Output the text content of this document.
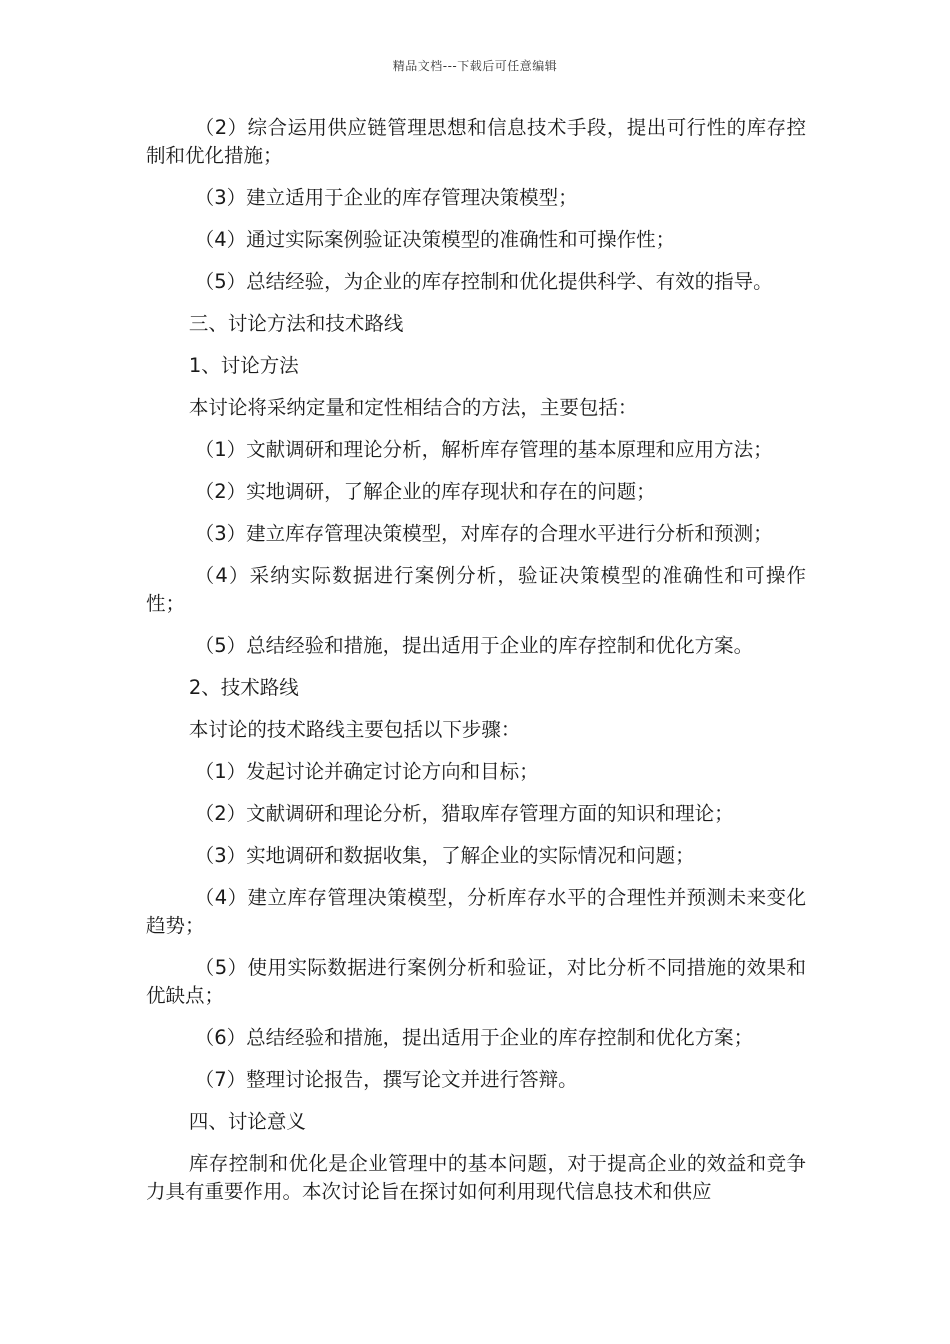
精品文档---下载后可任意编辑

（2）综合运用供应链管理思想和信息技术手段，提出可行性的库存控制和优化措施；

（3）建立适用于企业的库存管理决策模型；

（4）通过实际案例验证决策模型的准确性和可操作性；

（5）总结经验，为企业的库存控制和优化提供科学、有效的指导。

三、讨论方法和技术路线

1、讨论方法

本讨论将采纳定量和定性相结合的方法，主要包括：

（1）文献调研和理论分析，解析库存管理的基本原理和应用方法；

（2）实地调研，了解企业的库存现状和存在的问题；

（3）建立库存管理决策模型，对库存的合理水平进行分析和预测；

（4）采纳实际数据进行案例分析，验证决策模型的准确性和可操作性；

（5）总结经验和措施，提出适用于企业的库存控制和优化方案。

2、技术路线

本讨论的技术路线主要包括以下步骤：

（1）发起讨论并确定讨论方向和目标；

（2）文献调研和理论分析，猎取库存管理方面的知识和理论；

（3）实地调研和数据收集，了解企业的实际情况和问题；

（4）建立库存管理决策模型，分析库存水平的合理性并预测未来变化趋势；

（5）使用实际数据进行案例分析和验证，对比分析不同措施的效果和优缺点；

（6）总结经验和措施，提出适用于企业的库存控制和优化方案；

（7）整理讨论报告，撰写论文并进行答辩。

四、讨论意义

库存控制和优化是企业管理中的基本问题，对于提高企业的效益和竞争力具有重要作用。本次讨论旨在探讨如何利用现代信息技术和供应
